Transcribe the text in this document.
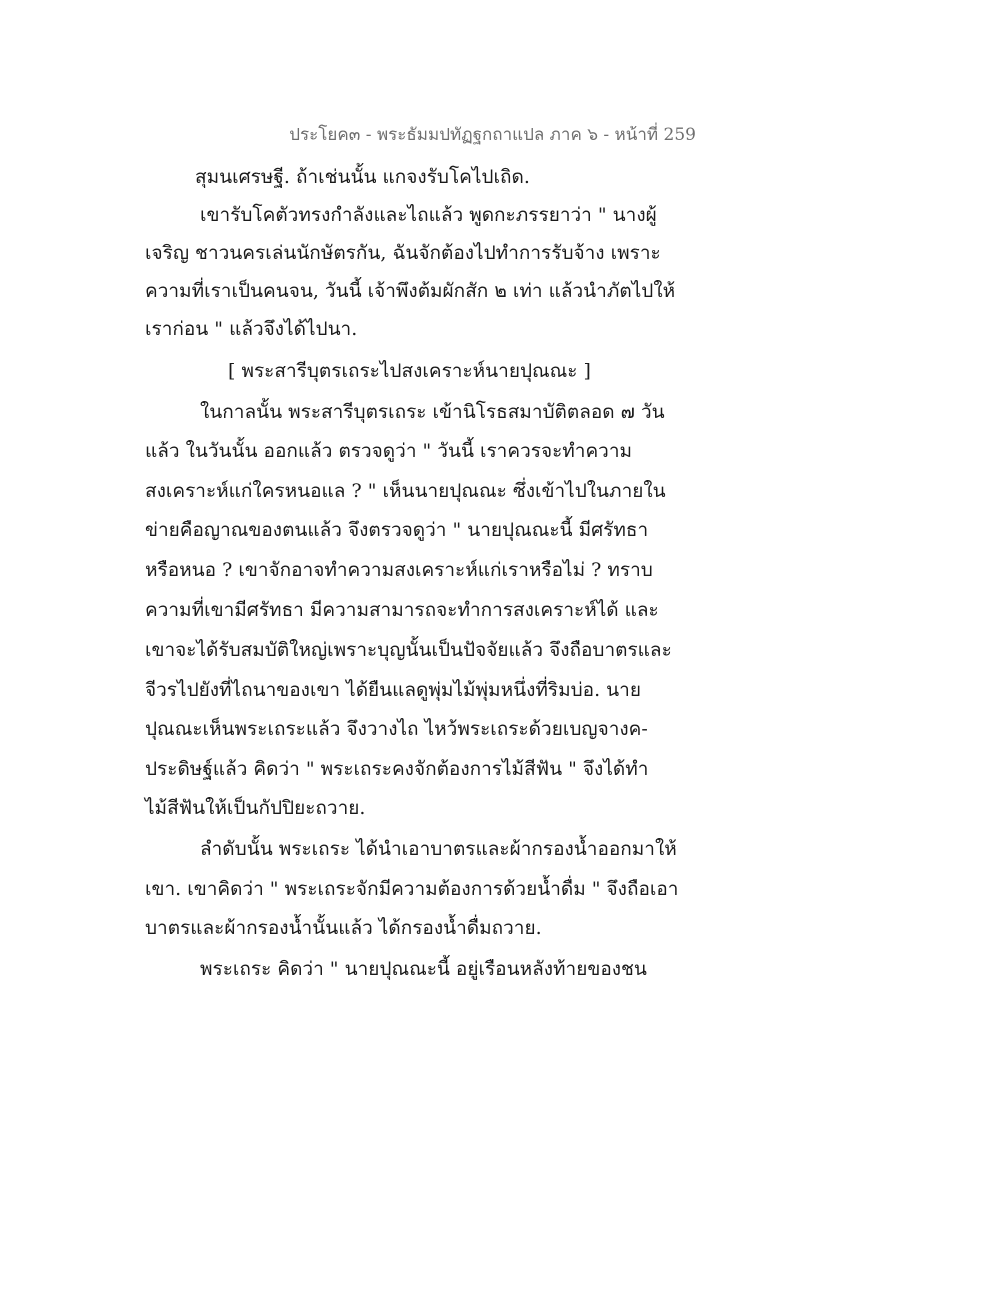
ประโยค๓ - พระธัมมปทัฏฐกถาแปล ภาค ๖ - หน้าที่ 259
สุมนเศรษฐี. ถ้าเช่นนั้น แกจงรับโคไปเถิด.
เขารับโคตัวทรงกำลังและไถแล้ว พูดกะภรรยาว่า " นางผู้
เจริญ ชาวนครเล่นนักษัตรกัน, ฉันจักต้องไปทำการรับจ้าง เพราะ
ความที่เราเป็นคนจน, วันนี้ เจ้าพึงต้มผักสัก ๒ เท่า แล้วนำภัตไปให้
เราก่อน " แล้วจึงได้ไปนา.
[ พระสารีบุตรเถระไปสงเคราะห์นายปุณณะ ]
ในกาลนั้น พระสารีบุตรเถระ เข้านิโรธสมาบัติตลอด ๗ วัน
แล้ว ในวันนั้น ออกแล้ว ตรวจดูว่า " วันนี้ เราควรจะทำความ
สงเคราะห์แก่ใครหนอแล ? " เห็นนายปุณณะ ซึ่งเข้าไปในภายใน
ข่ายคือญาณของตนแล้ว จึงตรวจดูว่า " นายปุณณะนี้ มีศรัทธา
หรือหนอ ? เขาจักอาจทำความสงเคราะห์แก่เราหรือไม่ ? ทราบ
ความที่เขามีศรัทธา มีความสามารถจะทำการสงเคราะห์ได้ และ
เขาจะได้รับสมบัติใหญ่เพราะบุญนั้นเป็นปัจจัยแล้ว จึงถือบาตรและ
จีวรไปยังที่ไถนาของเขา ได้ยืนแลดูพุ่มไม้พุ่มหนึ่งที่ริมบ่อ. นาย
ปุณณะเห็นพระเถระแล้ว จึงวางไถ ไหว้พระเถระด้วยเบญจางค-
ประดิษฐ์แล้ว คิดว่า " พระเถระคงจักต้องการไม้สีฟัน " จึงได้ทำ
ไม้สีฟันให้เป็นกัปปิยะถวาย.
ลำดับนั้น พระเถระ ได้นำเอาบาตรและผ้ากรองน้ำออกมาให้
เขา. เขาคิดว่า " พระเถระจักมีความต้องการด้วยน้ำดื่ม " จึงถือเอา
บาตรและผ้ากรองน้ำนั้นแล้ว ได้กรองน้ำดื่มถวาย.
พระเถระ คิดว่า " นายปุณณะนี้ อยู่เรือนหลังท้ายของชน
